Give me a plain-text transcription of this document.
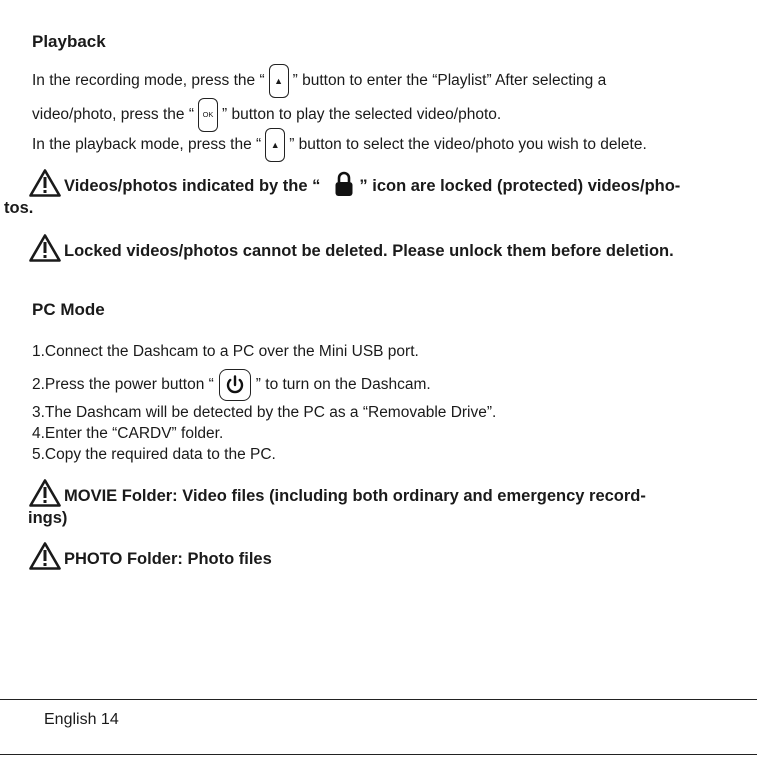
Playback
In the recording mode, press the “ ▲ ” button to enter the “Playlist” After selecting a
video/photo, press the “ OK ” button to play the selected video/photo.
In the playback mode, press the “ ▲ ” button to select the video/photo you wish to delete.
Videos/photos indicated by the “ ” icon are locked (protected) videos/pho-
tos.
Locked videos/photos cannot be deleted. Please unlock them before deletion.
PC Mode
1.Connect the Dashcam to a PC over the Mini USB port.
2.Press the power button “	” to turn on the Dashcam.
3.The Dashcam will be detected by the PC as a “Removable Drive”.
4.Enter the “CARDV” folder.
5.Copy the required data to the PC.
MOVIE Folder: Video files (including both ordinary and emergency record-
ings)
PHOTO Folder: Photo files
English 14
